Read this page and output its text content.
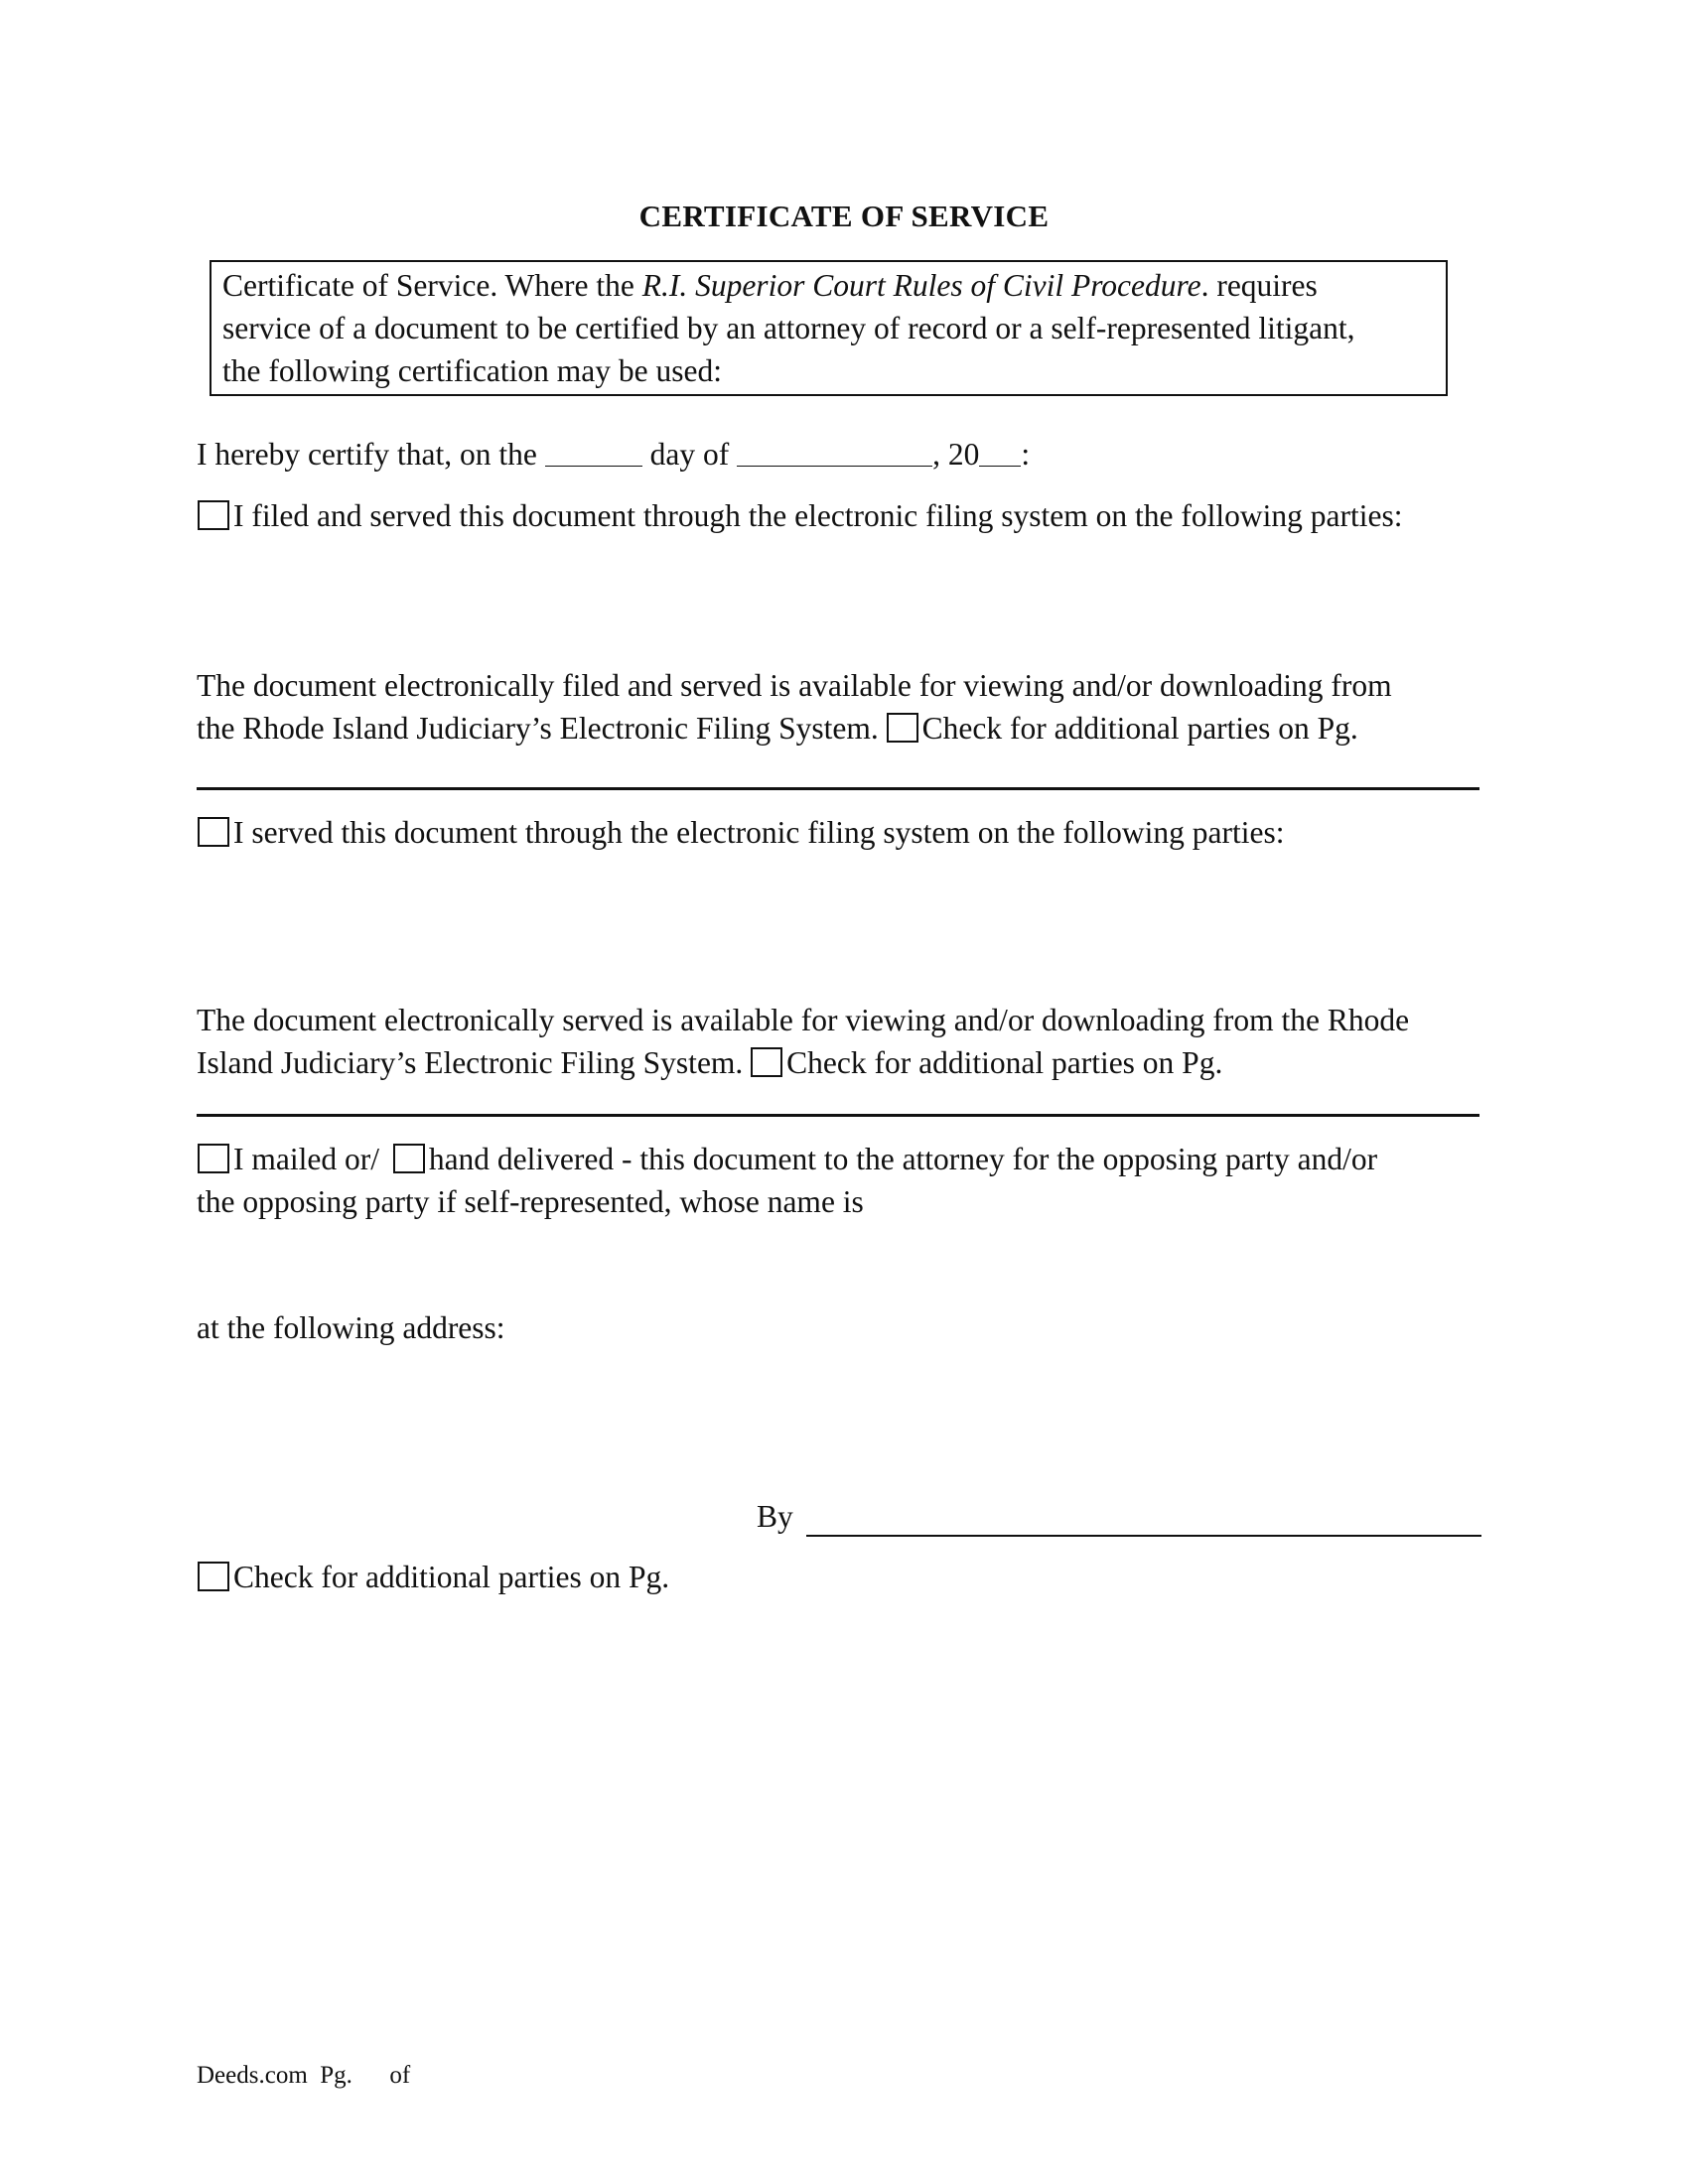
CERTIFICATE OF SERVICE
Certificate of Service. Where the R.I. Superior Court Rules of Civil Procedure. requires
service of a document to be certified by an attorney of record or a self-represented litigant,
the following certification may be used:
I hereby certify that, on the	day of	, 20 :
I filed and served this document through the electronic filing system on the following parties:
The document electronically filed and served is available for viewing and/or downloading from
the Rhode Island Judiciary’s Electronic Filing System. Check for additional parties on Pg.
I served this document through the electronic filing system on the following parties:
The document electronically served is available for viewing and/or downloading from the Rhode
Island Judiciary’s Electronic Filing System. Check for additional parties on Pg.
I mailed or/ hand delivered - this document to the attorney for the opposing party and/or
the opposing party if self-represented, whose name is
at the following address:
By
Check for additional parties on Pg.
Deeds.com  Pg.      of
